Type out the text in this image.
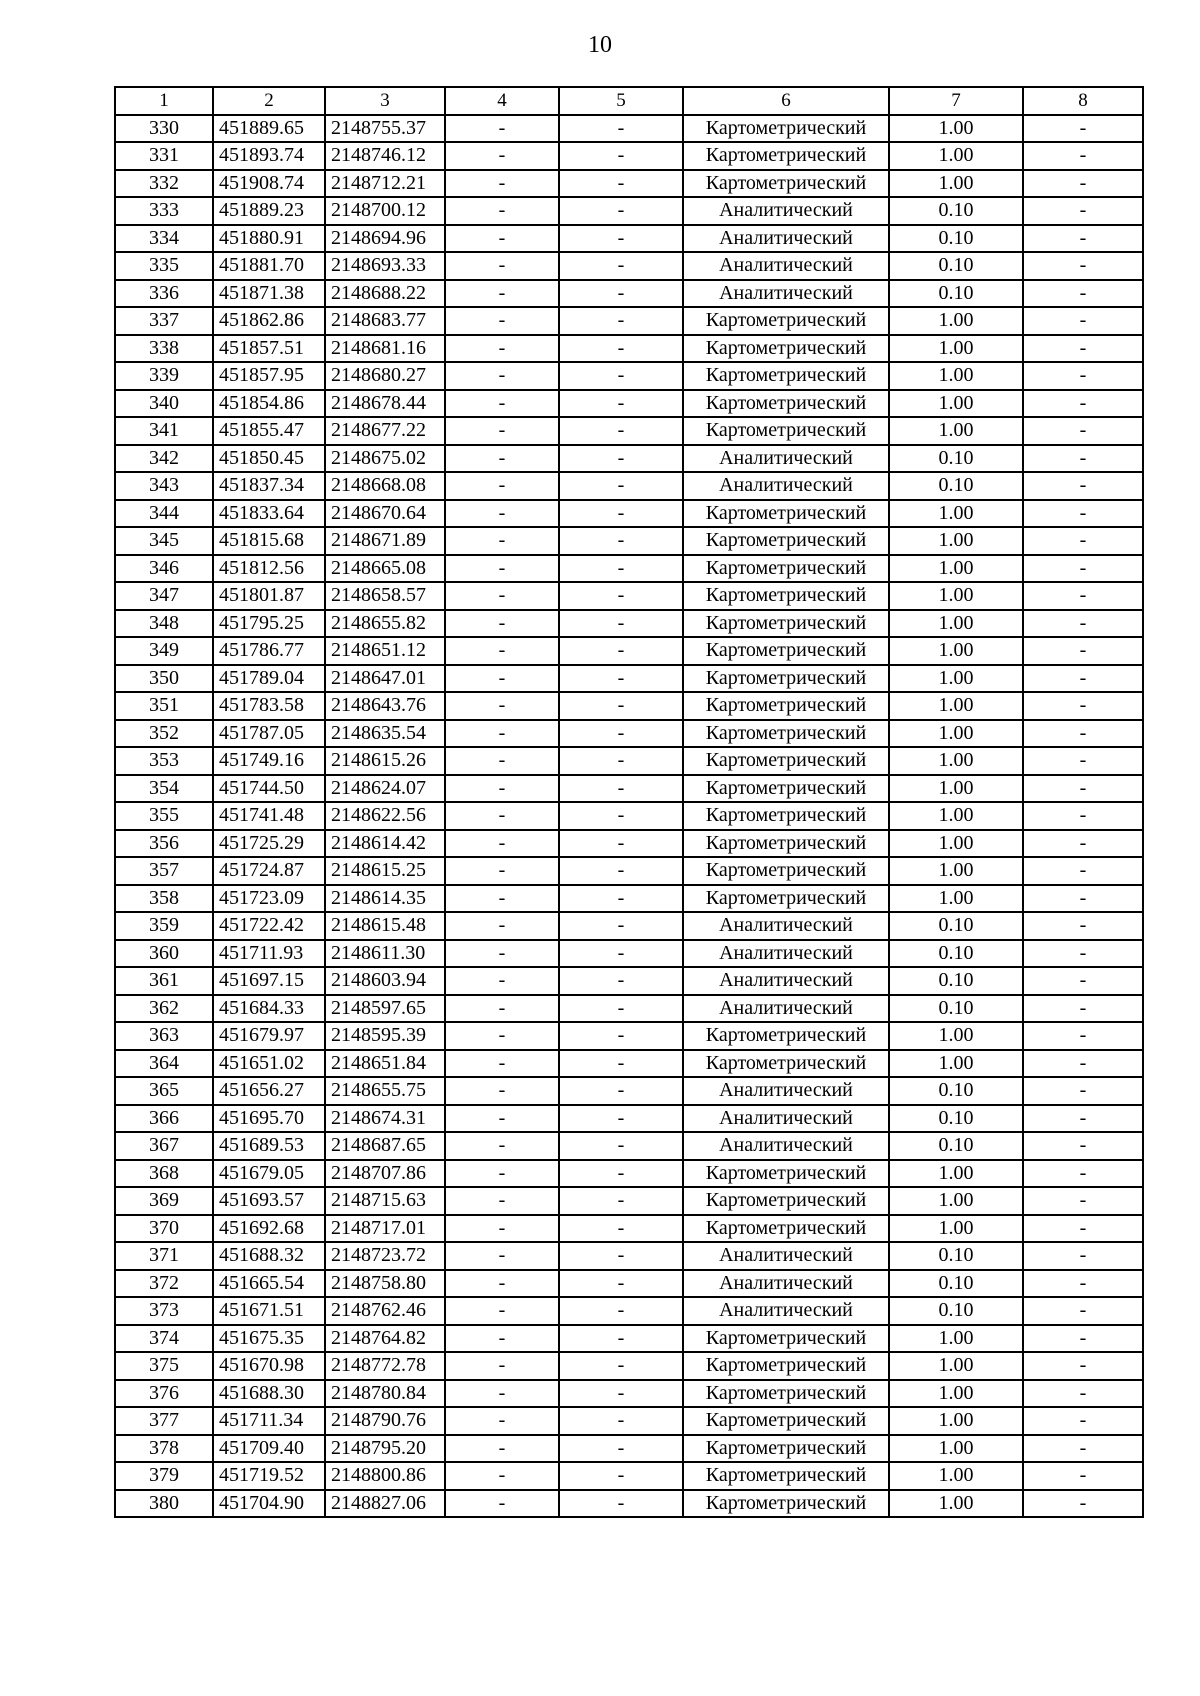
10
1	2	3	4	5	6	7	8
330	451889.65	2148755.37	-	-	Картометрический	1.00	-
331	451893.74	2148746.12	-	-	Картометрический	1.00	-
332	451908.74	2148712.21	-	-	Картометрический	1.00	-
333	451889.23	2148700.12	-	-	Аналитический	0.10	-
334	451880.91	2148694.96	-	-	Аналитический	0.10	-
335	451881.70	2148693.33	-	-	Аналитический	0.10	-
336	451871.38	2148688.22	-	-	Аналитический	0.10	-
337	451862.86	2148683.77	-	-	Картометрический	1.00	-
338	451857.51	2148681.16	-	-	Картометрический	1.00	-
339	451857.95	2148680.27	-	-	Картометрический	1.00	-
340	451854.86	2148678.44	-	-	Картометрический	1.00	-
341	451855.47	2148677.22	-	-	Картометрический	1.00	-
342	451850.45	2148675.02	-	-	Аналитический	0.10	-
343	451837.34	2148668.08	-	-	Аналитический	0.10	-
344	451833.64	2148670.64	-	-	Картометрический	1.00	-
345	451815.68	2148671.89	-	-	Картометрический	1.00	-
346	451812.56	2148665.08	-	-	Картометрический	1.00	-
347	451801.87	2148658.57	-	-	Картометрический	1.00	-
348	451795.25	2148655.82	-	-	Картометрический	1.00	-
349	451786.77	2148651.12	-	-	Картометрический	1.00	-
350	451789.04	2148647.01	-	-	Картометрический	1.00	-
351	451783.58	2148643.76	-	-	Картометрический	1.00	-
352	451787.05	2148635.54	-	-	Картометрический	1.00	-
353	451749.16	2148615.26	-	-	Картометрический	1.00	-
354	451744.50	2148624.07	-	-	Картометрический	1.00	-
355	451741.48	2148622.56	-	-	Картометрический	1.00	-
356	451725.29	2148614.42	-	-	Картометрический	1.00	-
357	451724.87	2148615.25	-	-	Картометрический	1.00	-
358	451723.09	2148614.35	-	-	Картометрический	1.00	-
359	451722.42	2148615.48	-	-	Аналитический	0.10	-
360	451711.93	2148611.30	-	-	Аналитический	0.10	-
361	451697.15	2148603.94	-	-	Аналитический	0.10	-
362	451684.33	2148597.65	-	-	Аналитический	0.10	-
363	451679.97	2148595.39	-	-	Картометрический	1.00	-
364	451651.02	2148651.84	-	-	Картометрический	1.00	-
365	451656.27	2148655.75	-	-	Аналитический	0.10	-
366	451695.70	2148674.31	-	-	Аналитический	0.10	-
367	451689.53	2148687.65	-	-	Аналитический	0.10	-
368	451679.05	2148707.86	-	-	Картометрический	1.00	-
369	451693.57	2148715.63	-	-	Картометрический	1.00	-
370	451692.68	2148717.01	-	-	Картометрический	1.00	-
371	451688.32	2148723.72	-	-	Аналитический	0.10	-
372	451665.54	2148758.80	-	-	Аналитический	0.10	-
373	451671.51	2148762.46	-	-	Аналитический	0.10	-
374	451675.35	2148764.82	-	-	Картометрический	1.00	-
375	451670.98	2148772.78	-	-	Картометрический	1.00	-
376	451688.30	2148780.84	-	-	Картометрический	1.00	-
377	451711.34	2148790.76	-	-	Картометрический	1.00	-
378	451709.40	2148795.20	-	-	Картометрический	1.00	-
379	451719.52	2148800.86	-	-	Картометрический	1.00	-
380	451704.90	2148827.06	-	-	Картометрический	1.00	-
